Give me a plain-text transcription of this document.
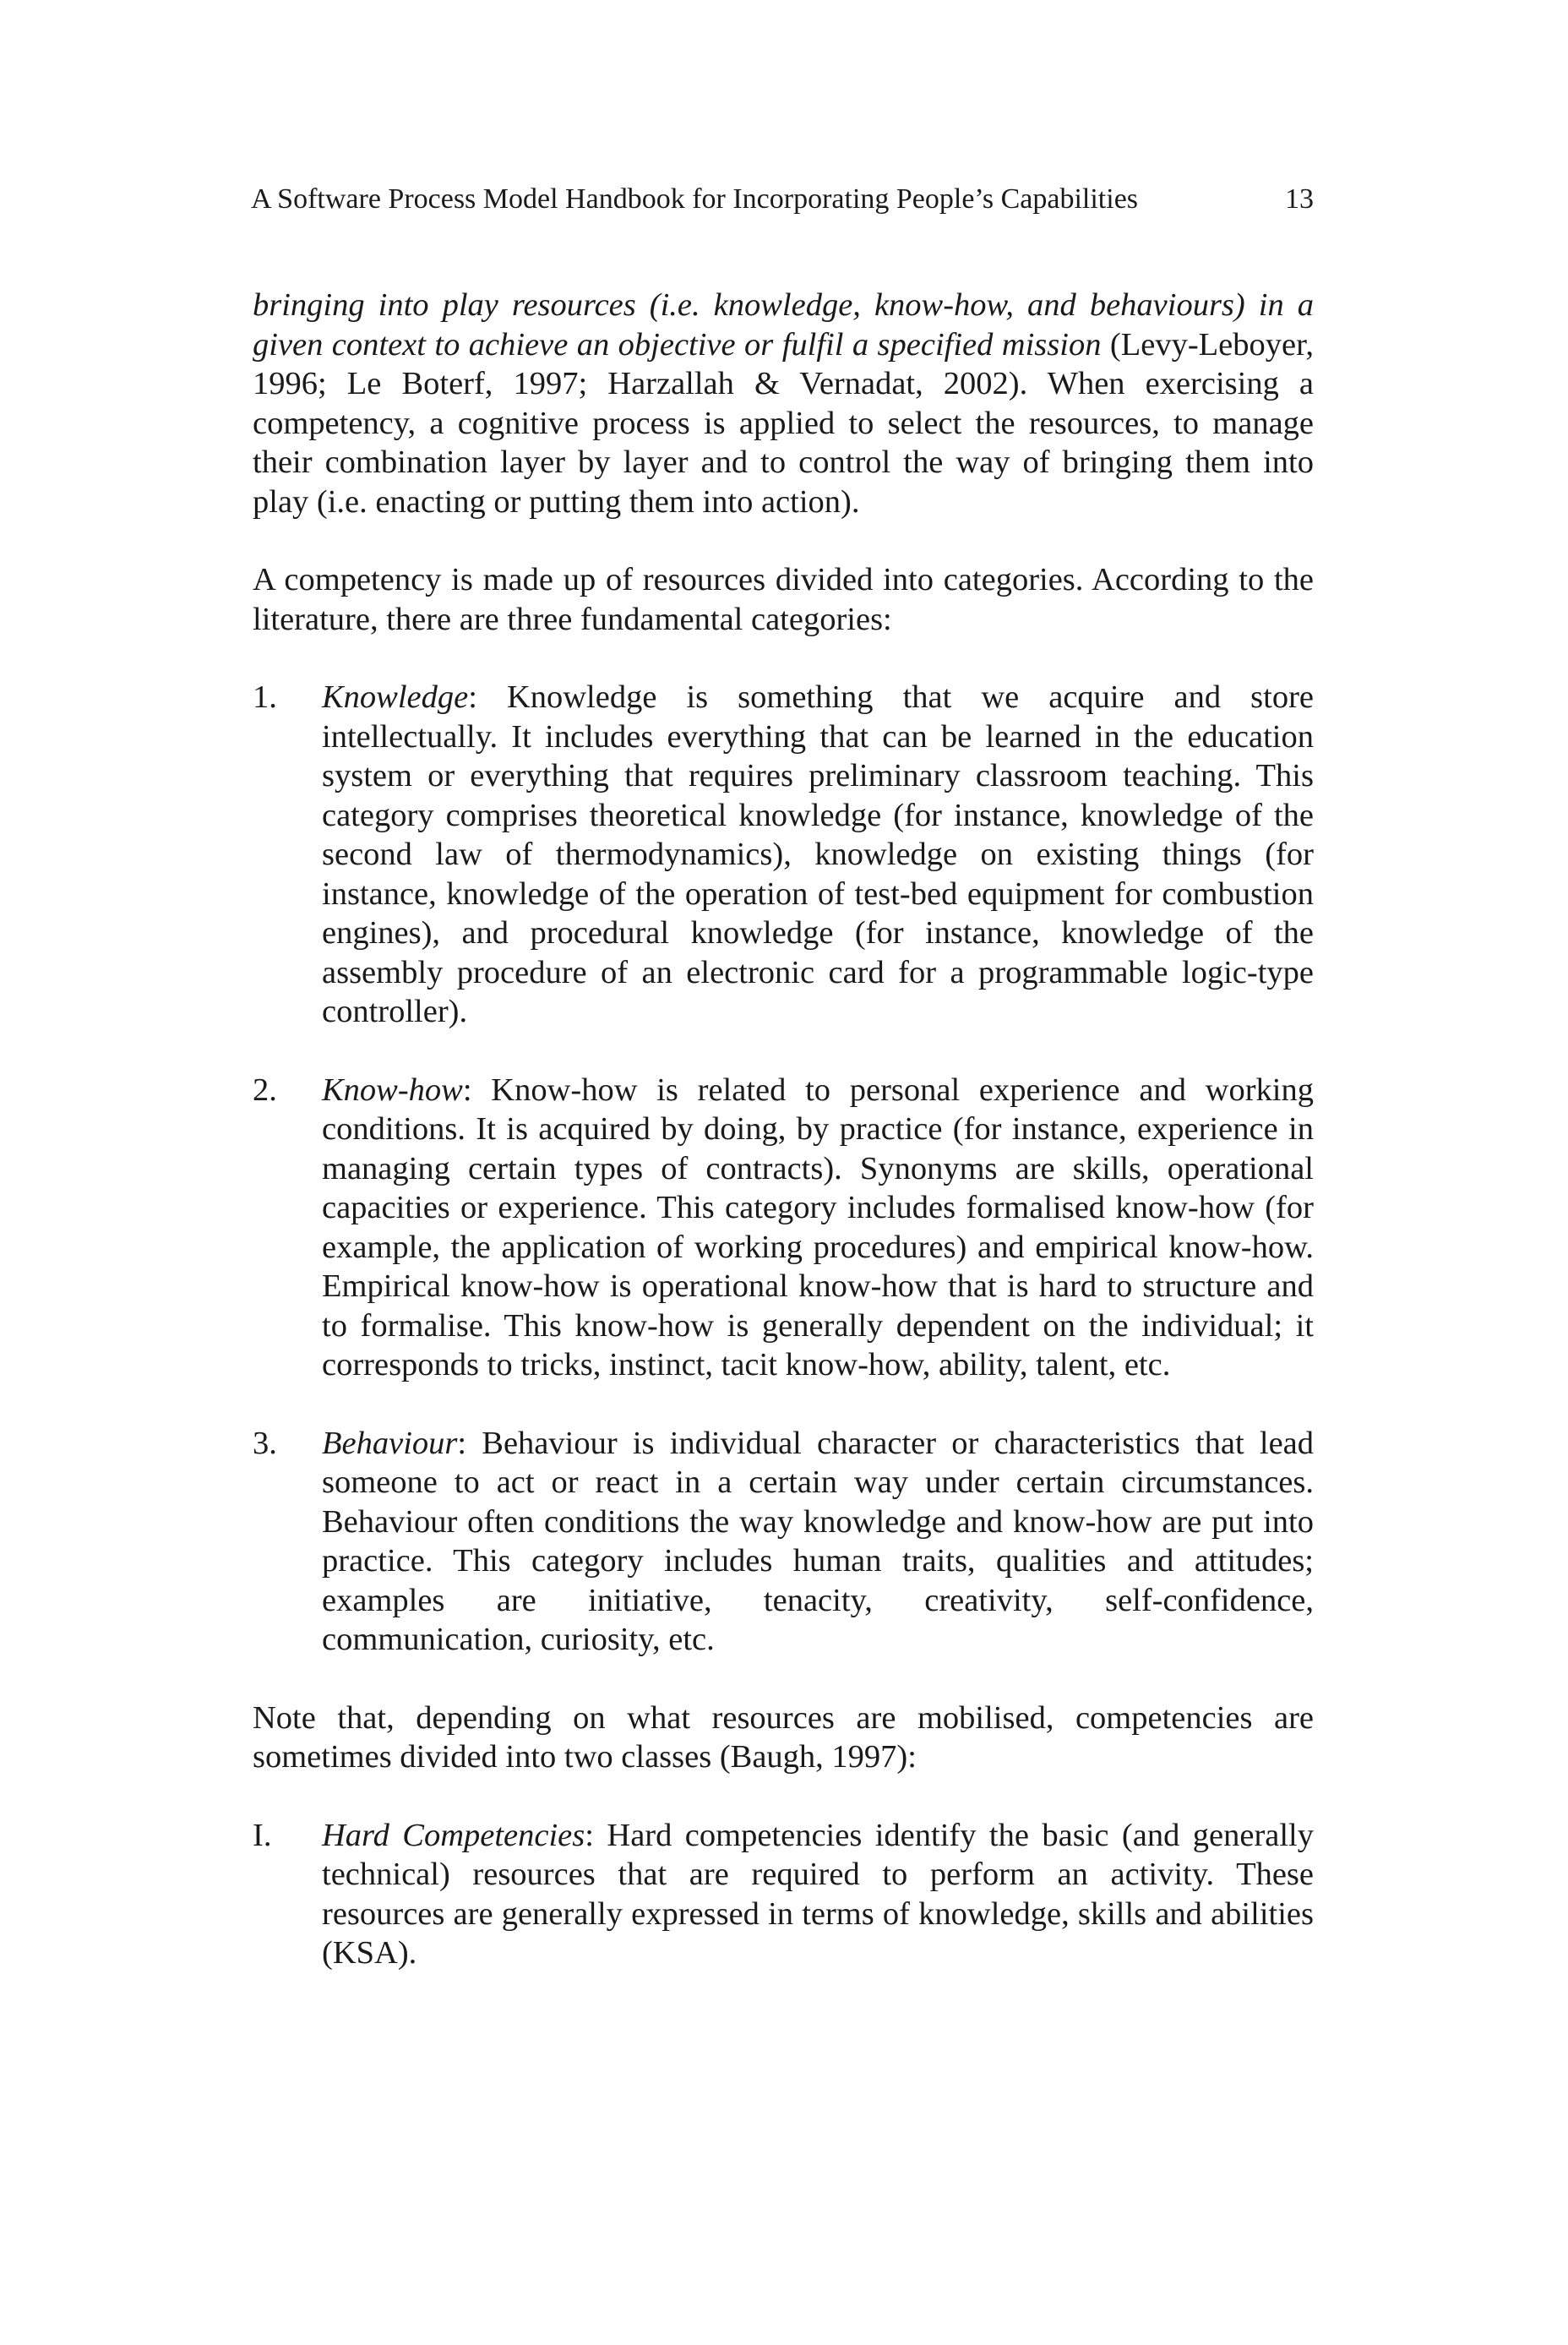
A Software Process Model Handbook for Incorporating People’s Capabilities	13

bringing into play resources (i.e. knowledge, know-how, and behaviours) in a given context to achieve an objective or fulfil a specified mission (Levy-Leboyer, 1996; Le Boterf, 1997; Harzallah & Vernadat, 2002). When exercising a competency, a cognitive process is applied to select the resources, to manage their combination layer by layer and to control the way of bringing them into play (i.e. enacting or putting them into action).

A competency is made up of resources divided into categories. According to the literature, there are three fundamental categories:

1. Knowledge: Knowledge is something that we acquire and store intellectually. It includes everything that can be learned in the education system or everything that requires preliminary classroom teaching. This category comprises theoretical knowledge (for instance, knowledge of the second law of thermodynamics), knowledge on existing things (for instance, knowledge of the operation of test-bed equipment for combustion engines), and procedural knowledge (for instance, knowledge of the assembly procedure of an electronic card for a programmable logic-type controller).
2. Know-how: Know-how is related to personal experience and working conditions. It is acquired by doing, by practice (for instance, experience in managing certain types of contracts). Synonyms are skills, operational capacities or experience. This category includes formalised know-how (for example, the application of working procedures) and empirical know-how. Empirical know-how is operational know-how that is hard to structure and to formalise. This know-how is generally dependent on the individual; it corresponds to tricks, instinct, tacit know-how, ability, talent, etc.
3. Behaviour: Behaviour is individual character or characteristics that lead someone to act or react in a certain way under certain circumstances. Behaviour often conditions the way knowledge and know-how are put into practice. This category includes human traits, qualities and attitudes; examples are initiative, tenacity, creativity, self-confidence, communication, curiosity, etc.

Note that, depending on what resources are mobilised, competencies are sometimes divided into two classes (Baugh, 1997):

I. Hard Competencies: Hard competencies identify the basic (and generally technical) resources that are required to perform an activity. These resources are generally expressed in terms of knowledge, skills and abilities (KSA).
